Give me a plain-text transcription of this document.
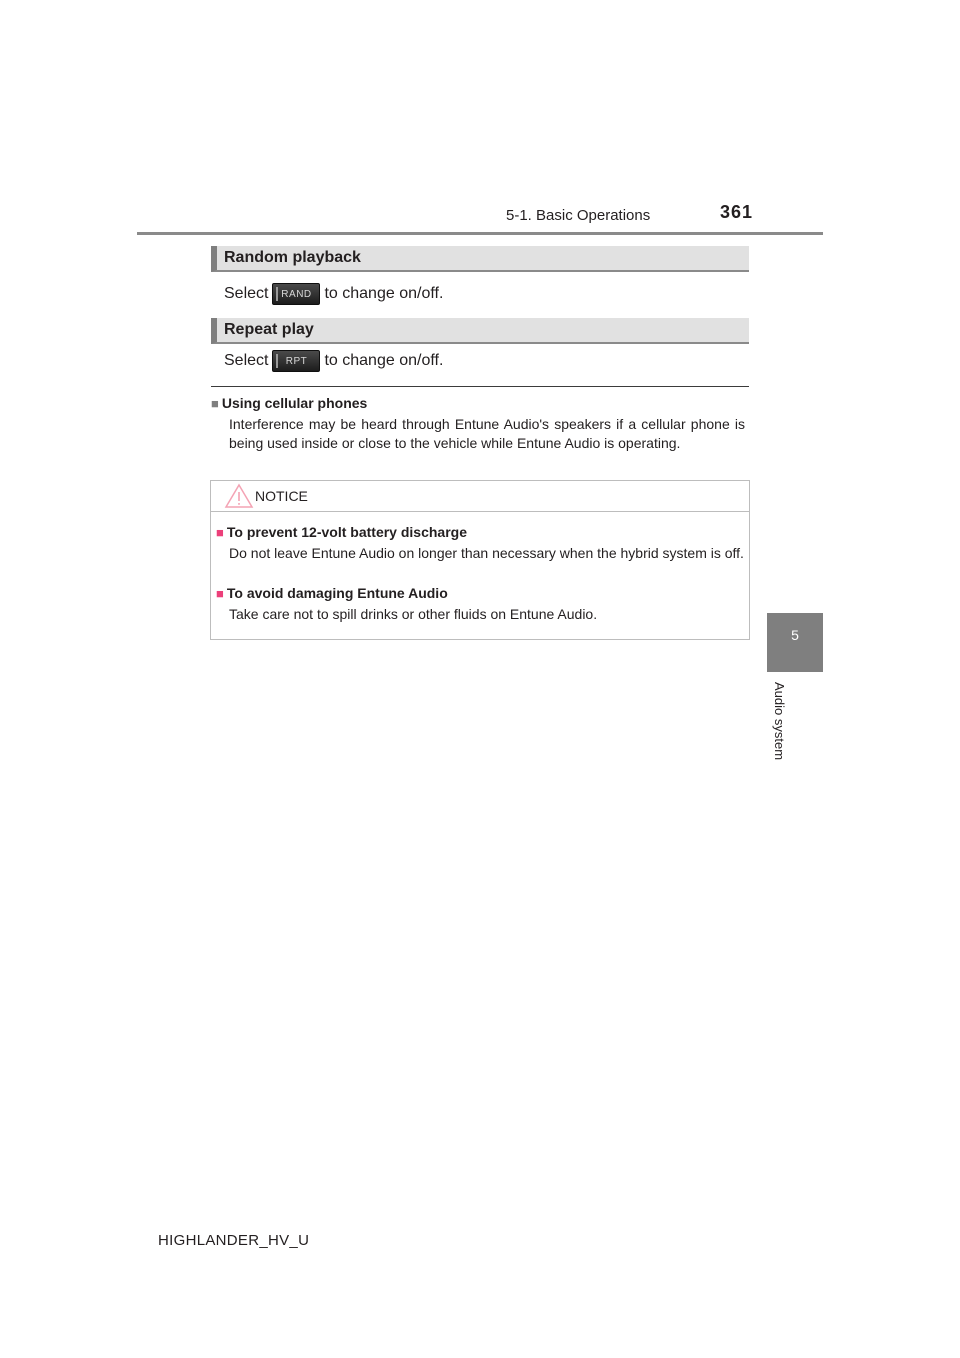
5-1. Basic Operations	361
5
Audio system
Random playback
Select	RAND to change on/off.
Repeat play
Select	RPT	to change on/off.
■ Using cellular phones
Interference may be heard through Entune Audio's speakers if a cellular phone is being used inside or close to the vehicle while Entune Audio is operating.
NOTICE
■ To prevent 12-volt battery discharge
Do not leave Entune Audio on longer than necessary when the hybrid system is off.
■ To avoid damaging Entune Audio
Take care not to spill drinks or other fluids on Entune Audio.
HIGHLANDER_HV_U
